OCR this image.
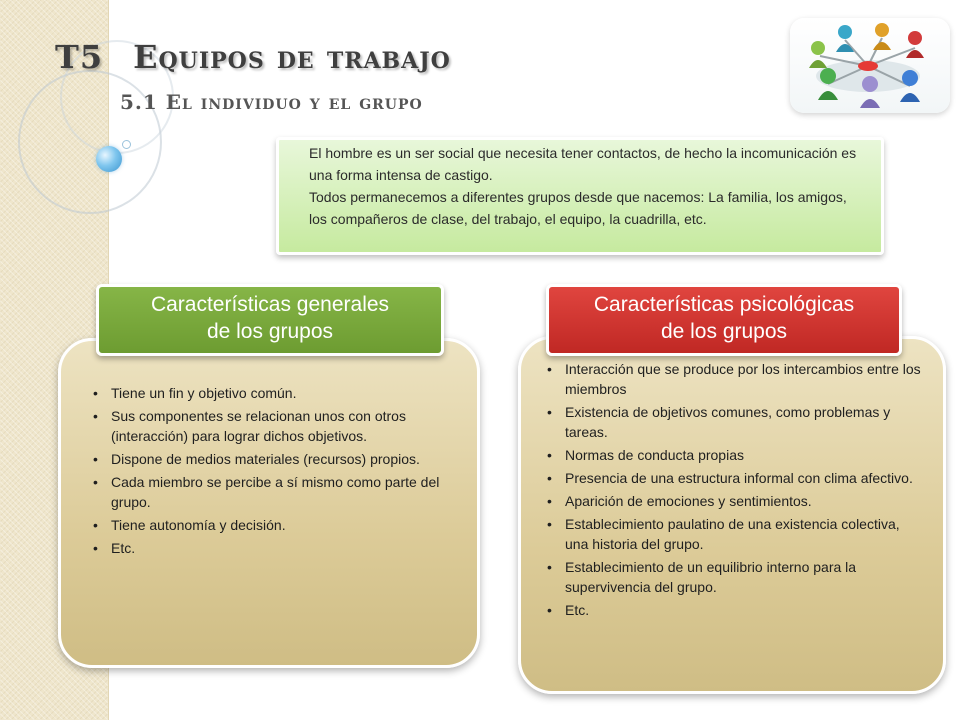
T5 Equipos de trabajo
5.1 El individuo y el grupo

El hombre es un ser social que necesita tener contactos, de hecho la incomunicación es una forma intensa de castigo.

Todos permanecemos a diferentes grupos desde que nacemos: La familia, los amigos, los compañeros de clase, del trabajo, el equipo, la cuadrilla, etc.

• Tiene un fin y objetivo común.
• Sus componentes se relacionan unos con otros (interacción) para lograr dichos objetivos.
• Dispone de medios materiales (recursos) propios.
• Cada miembro se percibe a sí mismo como parte del grupo.
• Tiene autonomía y decisión.
• Etc.
• Interacción que se produce por los intercambios entre los miembros
• Existencia de objetivos comunes, como problemas y tareas.
• Normas de conducta propias
• Presencia de una estructura informal con clima afectivo.
• Aparición de emociones y sentimientos.
• Establecimiento paulatino de una existencia colectiva, una historia del grupo.
• Establecimiento de un equilibrio interno para la supervivencia del grupo.
• Etc.
Características generales
de los grupos
Características psicológicas
de los grupos
